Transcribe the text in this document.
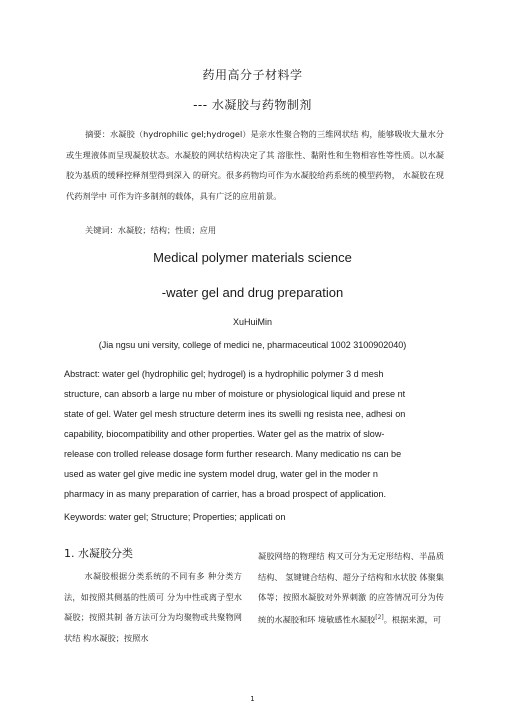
药用高分子材料学
--- 水凝胶与药物制剂
摘要：水凝胶（hydrophilic gel;hydrogel）是亲水性聚合物的三维网状结 构，能够吸收大量水分或生理液体而呈现凝胶状态。水凝胶的网状结构决定了其 溶胀性、黏附性和生物相容性等性质。以水凝胶为基质的缓释控释剂型得到深入 的研究。很多药物均可作为水凝胶给药系统的模型药物， 水凝胶在现代药剂学中 可作为许多制剂的载体，具有广泛的应用前景。
关键词：水凝胶；结构；性质；应用
Medical polymer materials science
-water gel and drug preparation
XuHuiMin
(Jia ngsu uni versity, college of medici ne, pharmaceutical 1002 3100902040)
Abstract: water gel (hydrophilic gel; hydrogel) is a hydrophilic polymer 3 d mesh
structure, can absorb a large nu mber of moisture or physiological liquid and prese nt
state of gel. Water gel mesh structure determ ines its swelli ng resista nee, adhesi on
capability, biocompatibility and other properties. Water gel as the matrix of slow-
release con trolled release dosage form further research. Many medicatio ns can be
used as water gel give medic ine system model drug, water gel in the moder n
pharmacy in as many preparation of carrier, has a broad prospect of application.
Keywords: water gel; Structure; Properties; applicati on
1. 水凝胶分类
水凝胶根据分类系统的不同有多 种分类方法，如按照其侧基的性质可 分为中性或离子型水凝胶；按照其制 备方法可分为均聚物或共聚物网状结 构水凝胶；按照水
凝胶网络的物理结 构又可分为无定形结构、半晶质结构、 氢键键合结构、超分子结构和水状胶 体聚集体等；按照水凝胶对外界刺激 的应答情况可分为传统的水凝胶和环 境敏感性水凝胶[2]。根据来源，可
1
